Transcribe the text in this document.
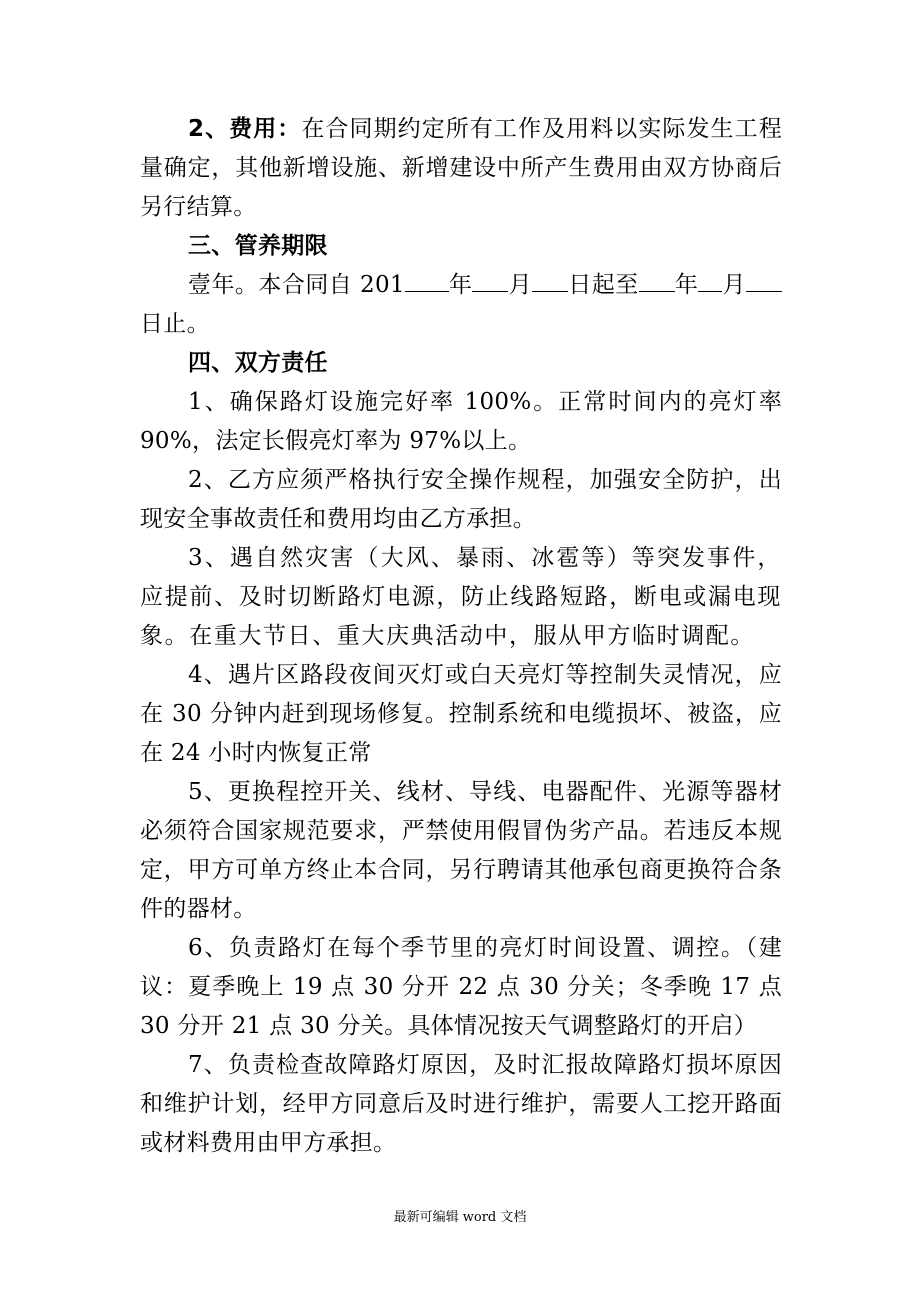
2、费用：在合同期约定所有工作及用料以实际发生工程量确定，其他新增设施、新增建设中所产生费用由双方协商后另行结算。

三、管养期限

壹年。本合同自 201 年 月 日起至 年 月日止。

四、双方责任

1、确保路灯设施完好率 100%。正常时间内的亮灯率 90%，法定长假亮灯率为 97%以上。

2、乙方应须严格执行安全操作规程，加强安全防护，出现安全事故责任和费用均由乙方承担。

3、遇自然灾害（大风、暴雨、冰雹等）等突发事件，应提前、及时切断路灯电源，防止线路短路，断电或漏电现象。在重大节日、重大庆典活动中，服从甲方临时调配。

4、遇片区路段夜间灭灯或白天亮灯等控制失灵情况，应在 30 分钟内赶到现场修复。控制系统和电缆损坏、被盗，应在 24 小时内恢复正常

5、更换程控开关、线材、导线、电器配件、光源等器材必须符合国家规范要求，严禁使用假冒伪劣产品。若违反本规定，甲方可单方终止本合同，另行聘请其他承包商更换符合条件的器材。

6、负责路灯在每个季节里的亮灯时间设置、调控。（建议：夏季晚上 19 点 30 分开 22 点 30 分关；冬季晚 17 点 30 分开 21 点 30 分关。具体情况按天气调整路灯的开启）

7、负责检查故障路灯原因，及时汇报故障路灯损坏原因和维护计划，经甲方同意后及时进行维护，需要人工挖开路面或材料费用由甲方承担。

最新可编辑 word 文档
